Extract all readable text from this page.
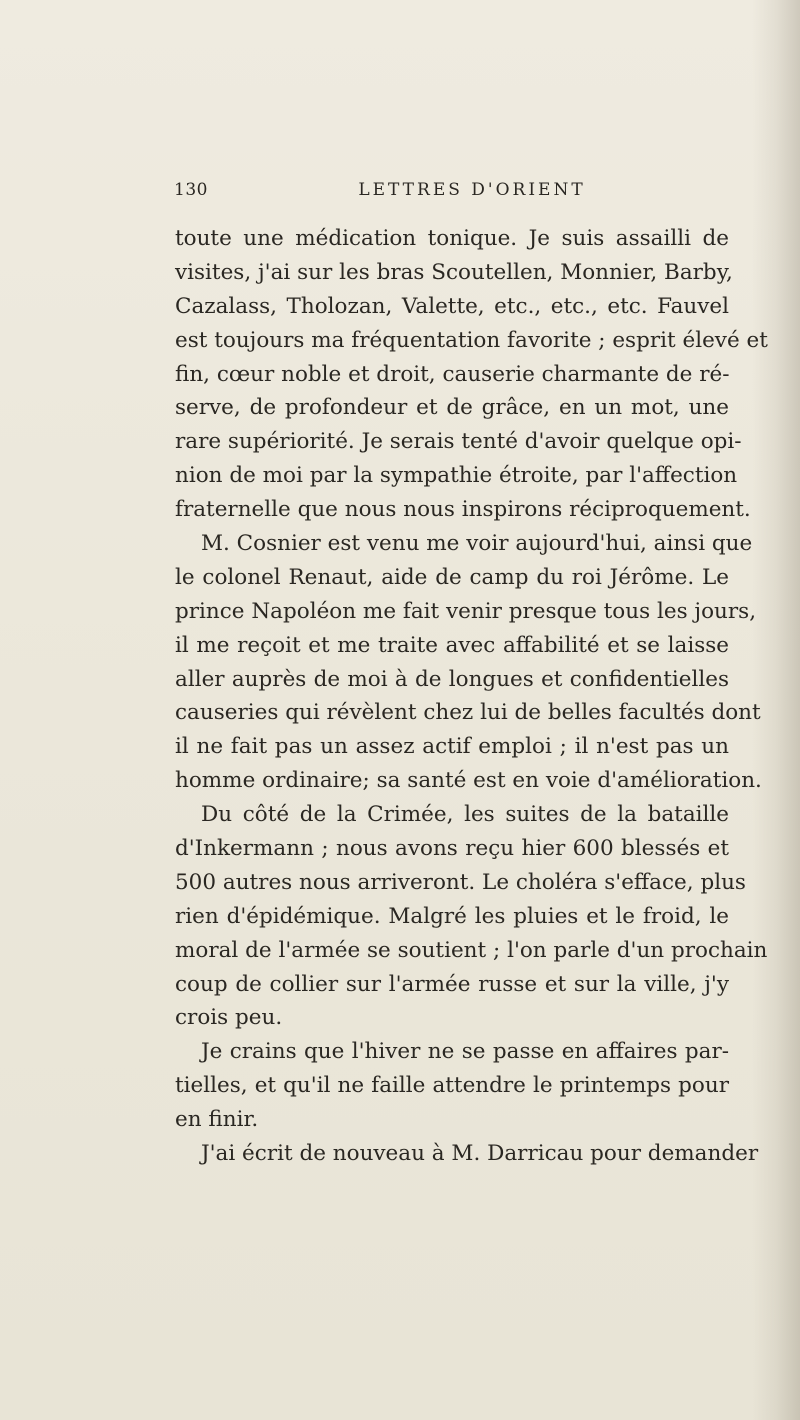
130	LETTRES D'ORIENT
toute une médication tonique. Je suis assailli de
visites, j'ai sur les bras Scoutellen, Monnier, Barby,
Cazalass, Tholozan, Valette, etc., etc., etc. Fauvel
est toujours ma fréquentation favorite ; esprit élevé et
fin, cœur noble et droit, causerie charmante de ré-
serve, de profondeur et de grâce, en un mot, une
rare supériorité. Je serais tenté d'avoir quelque opi-
nion de moi par la sympathie étroite, par l'affection
fraternelle que nous nous inspirons réciproquement.
M. Cosnier est venu me voir aujourd'hui, ainsi que
le colonel Renaut, aide de camp du roi Jérôme. Le
prince Napoléon me fait venir presque tous les jours,
il me reçoit et me traite avec affabilité et se laisse
aller auprès de moi à de longues et confidentielles
causeries qui révèlent chez lui de belles facultés dont
il ne fait pas un assez actif emploi ; il n'est pas un
homme ordinaire; sa santé est en voie d'amélioration.
Du côté de la Crimée, les suites de la bataille
d'Inkermann ; nous avons reçu hier 600 blessés et
500 autres nous arriveront. Le choléra s'efface, plus
rien d'épidémique. Malgré les pluies et le froid, le
moral de l'armée se soutient ; l'on parle d'un prochain
coup de collier sur l'armée russe et sur la ville, j'y
crois peu.
Je crains que l'hiver ne se passe en affaires par-
tielles, et qu'il ne faille attendre le printemps pour
en finir.
J'ai écrit de nouveau à M. Darricau pour demander
